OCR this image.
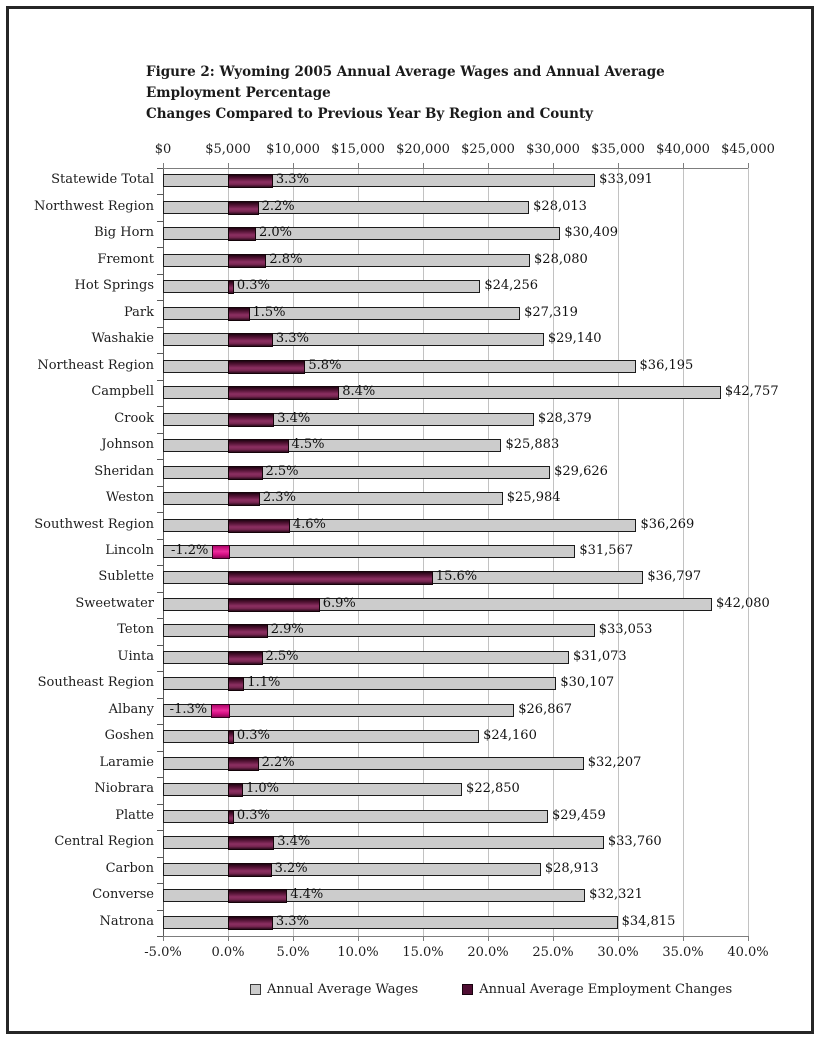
Figure 2: Wyoming 2005 Annual Average Wages and Annual Average Employment Percentage
Changes Compared to Previous Year By Region and County
$0
-5.0%
$5,000
0.0%
$10,000
5.0%
$15,000
10.0%
$20,000
15.0%
$25,000
20.0%
$30,000
25.0%
$35,000
30.0%
$40,000
35.0%
$45,000
40.0%
Statewide Total	$33,091
3.3%
Northwest Region	$28,013
2.2%
Big Horn	$30,409
2.0%
Fremont	$28,080
2.8%
Hot Springs	$24,256
0.3%
Park	$27,319
1.5%
Washakie	$29,140
3.3%
Northeast Region	$36,195
5.8%
Campbell	$42,757
8.4%
Crook	$28,379
3.4%
Johnson	$25,883
4.5%
Sheridan	$29,626
2.5%
Weston	$25,984
2.3%
Southwest Region	$36,269
4.6%
Lincoln	$31,567
-1.2%
Sublette	$36,797
15.6%
Sweetwater	$42,080
6.9%
Teton	$33,053
2.9%
Uinta	$31,073
2.5%
Southeast Region	$30,107
1.1%
Albany	$26,867
-1.3%
Goshen	$24,160
0.3%
Laramie	$32,207
2.2%
Niobrara	$22,850
1.0%
Platte	$29,459
0.3%
Central Region	$33,760
3.4%
Carbon	$28,913
3.2%
Converse	$32,321
4.4%
Natrona	$34,815
3.3%
Annual Average Wages	Annual Average Employment Changes
